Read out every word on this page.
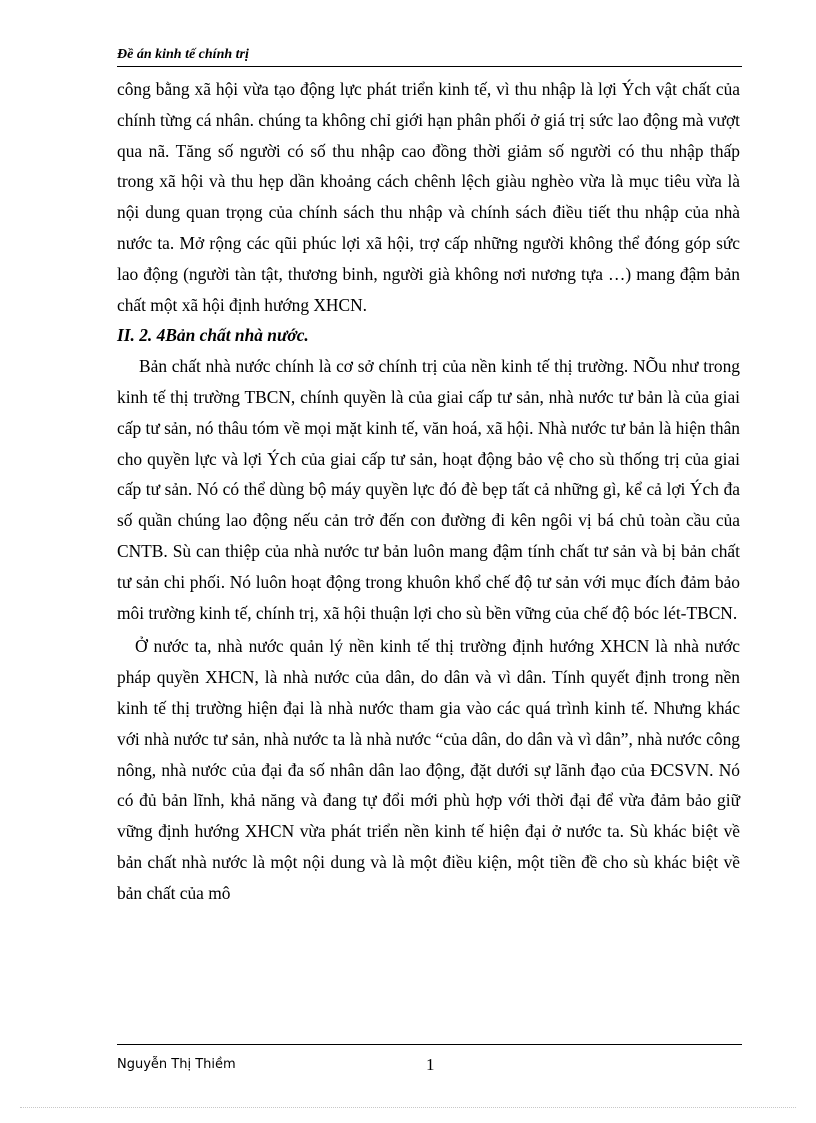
Đề án kinh tế chính trị

công bằng xã hội vừa tạo động lực phát triển kinh tế, vì thu nhập là lợi Ých vật chất của chính từng cá nhân. chúng ta không chỉ giới hạn phân phối ở giá trị sức lao động mà vượt qua nã. Tăng số người có số thu nhập cao đồng thời giảm số người có thu nhập thấp trong xã hội và thu hẹp dần khoảng cách chênh lệch giàu nghèo vừa là mục tiêu vừa là nội dung quan trọng của chính sách thu nhập và chính sách điều tiết thu nhập của nhà nước ta. Mở rộng các qũi phúc lợi xã hội, trợ cấp những người không thể đóng góp sức lao động (người tàn tật, thương binh, người già không nơi nương tựa …) mang đậm bản chất một xã hội định hướng XHCN.

II. 2. 4Bản chất nhà nước.

Bản chất nhà nước chính là cơ sở chính trị của nền kinh tế thị trường. NÕu như trong kinh tế thị trường TBCN, chính quyền là của giai cấp tư sản, nhà nước tư bản là của giai cấp tư sản, nó thâu tóm về mọi mặt kinh tế, văn hoá, xã hội. Nhà nước tư bản là hiện thân cho quyền lực và lợi Ých của giai cấp tư sản, hoạt động bảo vệ cho sù thống trị của giai cấp tư sản. Nó có thể dùng bộ máy quyền lực đó đè bẹp tất cả những gì, kể cả lợi Ých đa số quần chúng lao động nếu cản trở đến con đường đi kên ngôi vị bá chủ toàn cầu của CNTB. Sù can thiệp của nhà nước tư bản luôn mang đậm tính chất tư sản và bị bản chất tư sản chi phối. Nó luôn hoạt động trong khuôn khổ chế độ tư sản với mục đích đảm bảo môi trường kinh tế, chính trị, xã hội thuận lợi cho sù bền vững của chế độ bóc lét-TBCN.

Ở nước ta, nhà nước quản lý nền kinh tế thị trường định hướng XHCN là nhà nước pháp quyền XHCN, là nhà nước của dân, do dân và vì dân. Tính quyết định trong nền kinh tế thị trường hiện đại là nhà nước tham gia vào các quá trình kinh tế. Nhưng khác với nhà nước tư sản, nhà nước ta là nhà nước “của dân, do dân và vì dân”, nhà nước công nông, nhà nước của đại đa số nhân dân lao động, đặt dưới sự lãnh đạo của ĐCSVN. Nó có đủ bản lĩnh, khả năng và đang tự đổi mới phù hợp với thời đại để vừa đảm bảo giữ vững định hướng XHCN vừa phát triển nền kinh tế hiện đại ở nước ta. Sù khác biệt về bản chất nhà nước là một nội dung và là một điều kiện, một tiền đề cho sù khác biệt về bản chất của mô

Nguyễn Thị Thiềm	1
